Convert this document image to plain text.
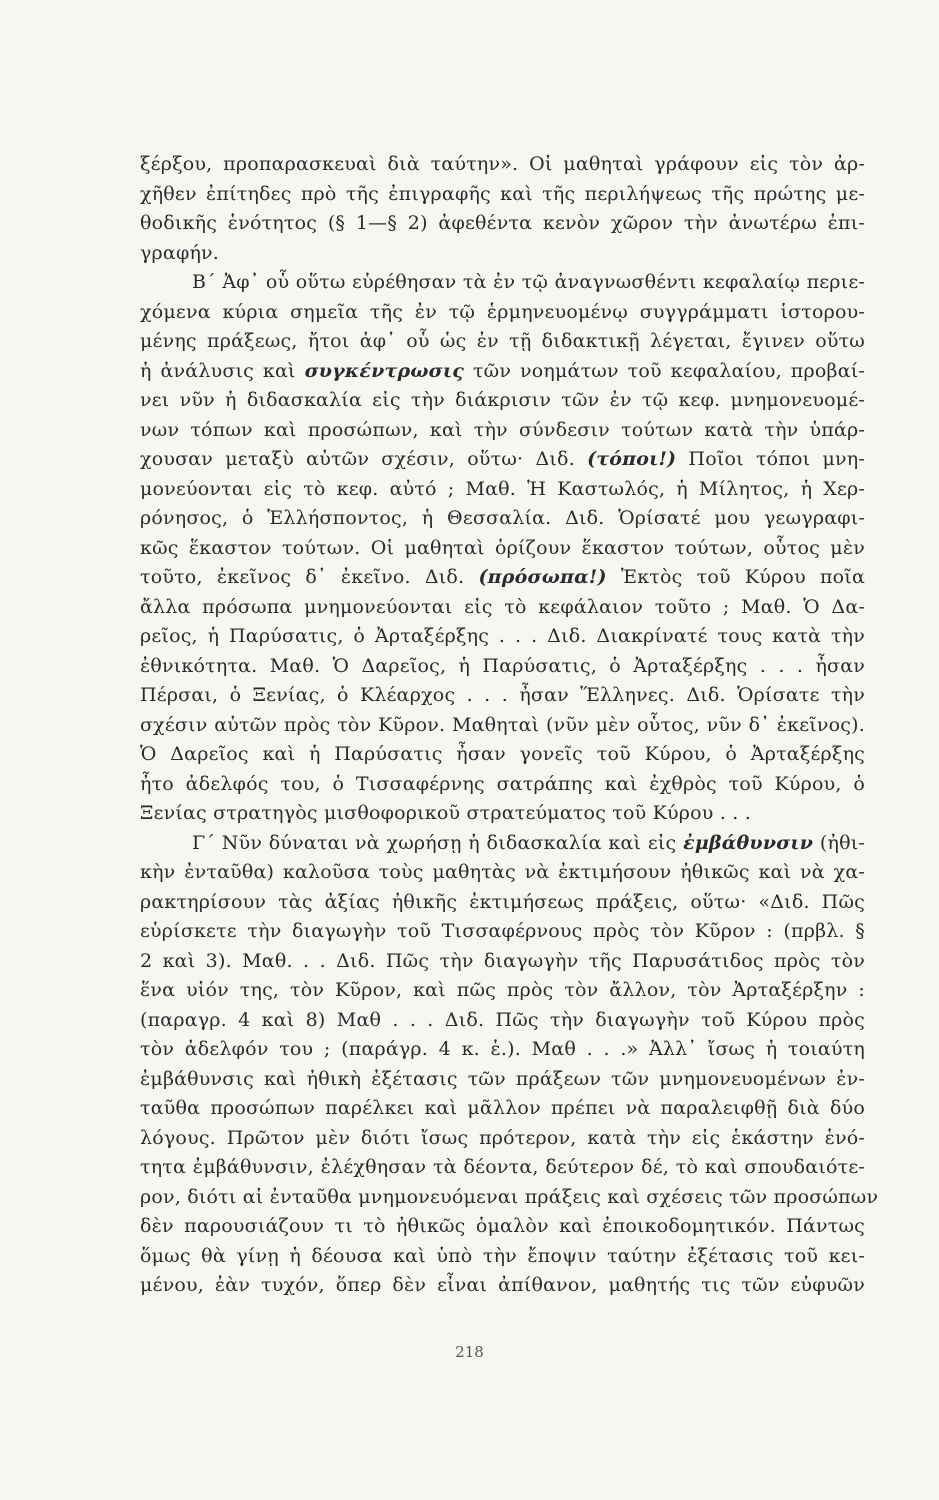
ξέρξου, προπαρασκευαὶ διὰ ταύτην». Οἱ μαθηταὶ γράφουν εἰς τὸν ἀρ-
χῆθεν ἐπίτηδες πρὸ τῆς ἐπιγραφῆς καὶ τῆς περιλήψεως τῆς πρώτης με-
θοδικῆς ἑνότητος (§ 1—§ 2) ἀφεθέντα κενὸν χῶρον τὴν ἀνωτέρω ἐπι-
γραφήν.
Β΄ Ἀφ᾽ οὗ οὕτω εὑρέθησαν τὰ ἐν τῷ ἀναγνωσθέντι κεφαλαίῳ περιε-
χόμενα κύρια σημεῖα τῆς ἐν τῷ ἑρμηνευομένῳ συγγράμματι ἱστορου-
μένης πράξεως, ἤτοι ἀφ᾽ οὗ ὡς ἐν τῇ διδακτικῇ λέγεται, ἔγινεν οὕτω
ἡ ἀνάλυσις καὶ συγκέντρωσις τῶν νοημάτων τοῦ κεφαλαίου, προβαί-
νει νῦν ἡ διδασκαλία εἰς τὴν διάκρισιν τῶν ἐν τῷ κεφ. μνημονευομέ-
νων τόπων καὶ προσώπων, καὶ τὴν σύνδεσιν τούτων κατὰ τὴν ὑπάρ-
χουσαν μεταξὺ αὐτῶν σχέσιν, οὕτω· Διδ. (τόποι!) Ποῖοι τόποι μνη-
μονεύονται εἰς τὸ κεφ. αὐτό ; Μαθ. Ἡ Καστωλός, ἡ Μίλητος, ἡ Χερ-
ρόνησος, ὁ Ἑλλήσποντος, ἡ Θεσσαλία. Διδ. Ὁρίσατέ μου γεωγραφι-
κῶς ἕκαστον τούτων. Οἱ μαθηταὶ ὁρίζουν ἕκαστον τούτων, οὗτος μὲν
τοῦτο, ἐκεῖνος δ᾽ ἐκεῖνο. Διδ. (πρόσωπα!) Ἐκτὸς τοῦ Κύρου ποῖα
ἄλλα πρόσωπα μνημονεύονται εἰς τὸ κεφάλαιον τοῦτο ; Μαθ. Ὁ Δα-
ρεῖος, ἡ Παρύσατις, ὁ Ἀρταξέρξης . . . Διδ. Διακρίνατέ τους κατὰ τὴν
ἐθνικότητα. Μαθ. Ὁ Δαρεῖος, ἡ Παρύσατις, ὁ Ἀρταξέρξης . . . ἦσαν
Πέρσαι, ὁ Ξενίας, ὁ Κλέαρχος . . . ἦσαν Ἕλληνες. Διδ. Ὁρίσατε τὴν
σχέσιν αὐτῶν πρὸς τὸν Κῦρον. Μαθηταὶ (νῦν μὲν οὗτος, νῦν δ᾽ ἐκεῖνος).
Ὁ Δαρεῖος καὶ ἡ Παρύσατις ἦσαν γονεῖς τοῦ Κύρου, ὁ Ἀρταξέρξης
ἦτο ἀδελφός του, ὁ Τισσαφέρνης σατράπης καὶ ἐχθρὸς τοῦ Κύρου, ὁ
Ξενίας στρατηγὸς μισθοφορικοῦ στρατεύματος τοῦ Κύρου . . .
Γ΄ Νῦν δύναται νὰ χωρήσῃ ἡ διδασκαλία καὶ εἰς ἐμβάθυνσιν (ἠθι-
κὴν ἐνταῦθα) καλοῦσα τοὺς μαθητὰς νὰ ἐκτιμήσουν ἠθικῶς καὶ νὰ χα-
ρακτηρίσουν τὰς ἀξίας ἠθικῆς ἐκτιμήσεως πράξεις, οὕτω· «Διδ. Πῶς
εὑρίσκετε τὴν διαγωγὴν τοῦ Τισσαφέρνους πρὸς τὸν Κῦρον : (πρβλ. §
2 καὶ 3). Μαθ. . . Διδ. Πῶς τὴν διαγωγὴν τῆς Παρυσάτιδος πρὸς τὸν
ἕνα υἱόν της, τὸν Κῦρον, καὶ πῶς πρὸς τὸν ἄλλον, τὸν Ἀρταξέρξην :
(παραγρ. 4 καὶ 8) Μαθ . . . Διδ. Πῶς τὴν διαγωγὴν τοῦ Κύρου πρὸς
τὸν ἀδελφόν του ; (παράγρ. 4 κ. ἑ.). Μαθ . . .» Ἀλλ᾽ ἴσως ἡ τοιαύτη
ἐμβάθυνσις καὶ ἠθικὴ ἐξέτασις τῶν πράξεων τῶν μνημονευομένων ἐν-
ταῦθα προσώπων παρέλκει καὶ μᾶλλον πρέπει νὰ παραλειφθῇ διὰ δύο
λόγους. Πρῶτον μὲν διότι ἴσως πρότερον, κατὰ τὴν εἰς ἑκάστην ἑνό-
τητα ἐμβάθυνσιν, ἐλέχθησαν τὰ δέοντα, δεύτερον δέ, τὸ καὶ σπουδαιότε-
ρον, διότι αἱ ἐνταῦθα μνημονευόμεναι πράξεις καὶ σχέσεις τῶν προσώπων
δὲν παρουσιάζουν τι τὸ ἠθικῶς ὁμαλὸν καὶ ἐποικοδομητικόν. Πάντως
ὅμως θὰ γίνῃ ἡ δέουσα καὶ ὑπὸ τὴν ἔποψιν ταύτην ἐξέτασις τοῦ κει-
μένου, ἐὰν τυχόν, ὅπερ δὲν εἶναι ἀπίθανον, μαθητής τις τῶν εὐφυῶν
218
